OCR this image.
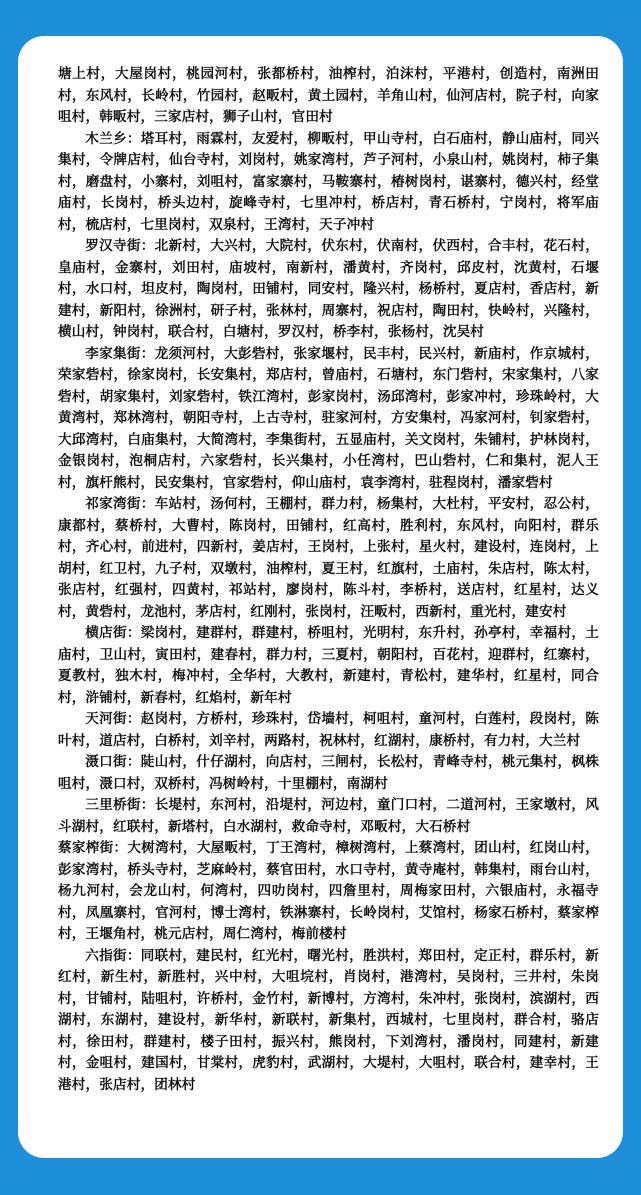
塘上村，大屋岗村，桃园河村，张都桥村，油榨村，泊沫村，平港村，创造村，南洲田村，东风村，长岭村，竹园村，赵畈村，黄土园村，羊角山村，仙河店村，院子村，向家咀村，韩畈村，三家店村，狮子山村，官田村

木兰乡：塔耳村，雨霖村，友爱村，柳畈村，甲山寺村，白石庙村，静山庙村，同兴集村，令牌店村，仙台寺村，刘岗村，姚家湾村，芦子河村，小泉山村，姚岗村，柿子集村，磨盘村，小寨村，刘咀村，富家寨村，马鞍寨村，椿树岗村，谌寨村，德兴村，经堂庙村，长岗村，桥头边村，旋峰寺村，七里冲村，桥店村，青石桥村，宁岗村，将军庙村，梳店村，七里岗村，双泉村，王湾村，天子冲村

罗汉寺街：北新村，大兴村，大院村，伏东村，伏南村，伏西村，合丰村，花石村，皇庙村，金寨村，刘田村，庙坡村，南新村，潘黄村，齐岗村，邱皮村，沈黄村，石堰村，水口村，坦皮村，陶岗村，田铺村，同安村，隆兴村，杨桥村，夏店村，香店村，新建村，新阳村，徐洲村，研子村，张林村，周寨村，祝店村，陶田村，快岭村，兴隆村，横山村，钟岗村，联合村，白塘村，罗汉村，桥李村，张杨村，沈吴村

李家集街：龙须河村，大彭砦村，张家堰村，民丰村，民兴村，新庙村，作京城村，荣家砦村，徐家岗村，长安集村，郑店村，曾庙村，石塘村，东门砦村，宋家集村，八家砦村，胡家集村，刘家砦村，铁江湾村，彭家岗村，汤邱湾村，彭家冲村，珍珠岭村，大黄湾村，郑林湾村，朝阳寺村，上古寺村，驻家河村，方安集村，冯家河村，钊家砦村，大邱湾村，白庙集村，大简湾村，李集街村，五显庙村，关文岗村，朱铺村，护林岗村，金银岗村，泡桐店村，六家砦村，长兴集村，小任湾村，巴山砦村，仁和集村，泥人王村，旗杆熊村，民安集村，官家砦村，仰山庙村，袁李湾村，驻程岗村，潘家砦村

祁家湾街：车站村，汤何村，王棚村，群力村，杨集村，大杜村，平安村，忍公村，康都村，蔡桥村，大曹村，陈岗村，田铺村，红高村，胜利村，东风村，向阳村，群乐村，齐心村，前进村，四新村，姜店村，王岗村，上张村，星火村，建设村，连岗村，上胡村，红卫村，九子村，双墩村，油榨村，夏王村，红旗村，土庙村，朱店村，陈太村，张店村，红强村，四黄村，祁站村，廖岗村，陈斗村，李桥村，送店村，红星村，达义村，黄砦村，龙池村，茅店村，红刚村，张岗村，汪畈村，西新村，重光村，建安村

横店街：梁岗村，建群村，群建村，桥咀村，光明村，东升村，孙亭村，幸福村，土庙村，卫山村，寅田村，建春村，群力村，三夏村，朝阳村，百花村，迎群村，红寨村，夏教村，独木村，梅冲村，全华村，大教村，新建村，青松村，建华村，红星村，同合村，浒铺村，新春村，红焰村，新年村

天河街：赵岗村，方桥村，珍珠村，岱墙村，柯咀村，童河村，白莲村，段岗村，陈叶村，道店村，白桥村，刘辛村，两路村，祝林村，红湖村，康桥村，有力村，大兰村

滠口街：陡山村，什仔湖村，向店村，三闸村，长松村，青峰寺村，桃元集村，枫株咀村，滠口村，双桥村，冯树岭村，十里棚村，南湖村

三里桥街：长堤村，东河村，沿堤村，河边村，童门口村，二道河村，王家墩村，风斗湖村，红联村，新塔村，白水湖村，救命寺村，邓畈村，大石桥村

蔡家榨街：大树湾村，大屋畈村，丁王湾村，樟树湾村，上蔡湾村，团山村，红岗山村，彭家湾村，桥头寺村，芝麻岭村，蔡官田村，水口寺村，黄寺庵村，韩集村，雨台山村，杨九河村，会龙山村，何湾村，四叻岗村，四詹里村，周梅家田村，六银庙村，永福寺村，凤凰寨村，官河村，博士湾村，铁淋寨村，长岭岗村，艾馆村，杨家石桥村，蔡家榨村，王堰角村，桃元店村，周仁湾村，梅前楼村

六指街：同联村，建民村，红光村，曙光村，胜洪村，郑田村，定正村，群乐村，新红村，新生村，新胜村，兴中村，大咀垸村，肖岗村，港湾村，吴岗村，三井村，朱岗村，甘铺村，陆咀村，许桥村，金竹村，新博村，方湾村，朱冲村，张岗村，滨湖村，西湖村，东湖村，建设村，新华村，新联村，新集村，西城村，七里岗村，群合村，骆店村，徐田村，群建村，楼子田村，振兴村，熊岗村，下刘湾村，潘岗村，同建村，新建村，金咀村，建国村，甘棠村，虎豹村，武湖村，大堤村，大咀村，联合村，建幸村，王港村，张店村，团林村
